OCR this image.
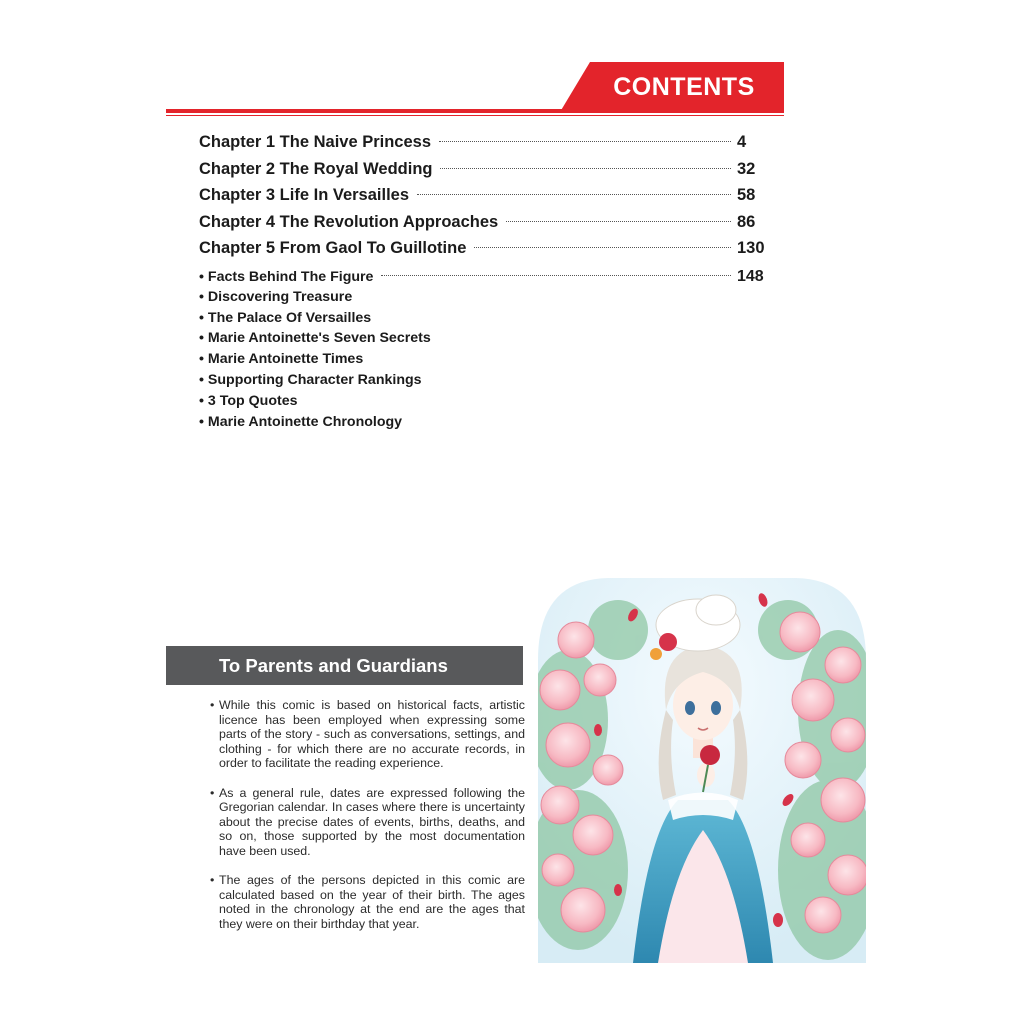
CONTENTS
Chapter 1 The Naive Princess	4
Chapter 2 The Royal Wedding	32
Chapter 3 Life In Versailles	58
Chapter 4 The Revolution Approaches	86
Chapter 5 From Gaol To Guillotine	130
• Facts Behind The Figure	148
• Discovering Treasure
• The Palace Of Versailles
• Marie Antoinette's Seven Secrets
• Marie Antoinette Times
• Supporting Character Rankings
• 3 Top Quotes
• Marie Antoinette Chronology
To Parents and Guardians
• While this comic is based on historical facts, artistic licence has been employed when expressing some parts of the story - such as conversations, settings, and clothing - for which there are no accurate records, in order to facilitate the reading experience.
• As a general rule, dates are expressed following the Gregorian calendar. In cases where there is uncertainty about the precise dates of events, births, deaths, and so on, those supported by the most documentation have been used.
• The ages of the persons depicted in this comic are calculated based on the year of their birth. The ages noted in the chronology at the end are the ages that they were on their birthday that year.
